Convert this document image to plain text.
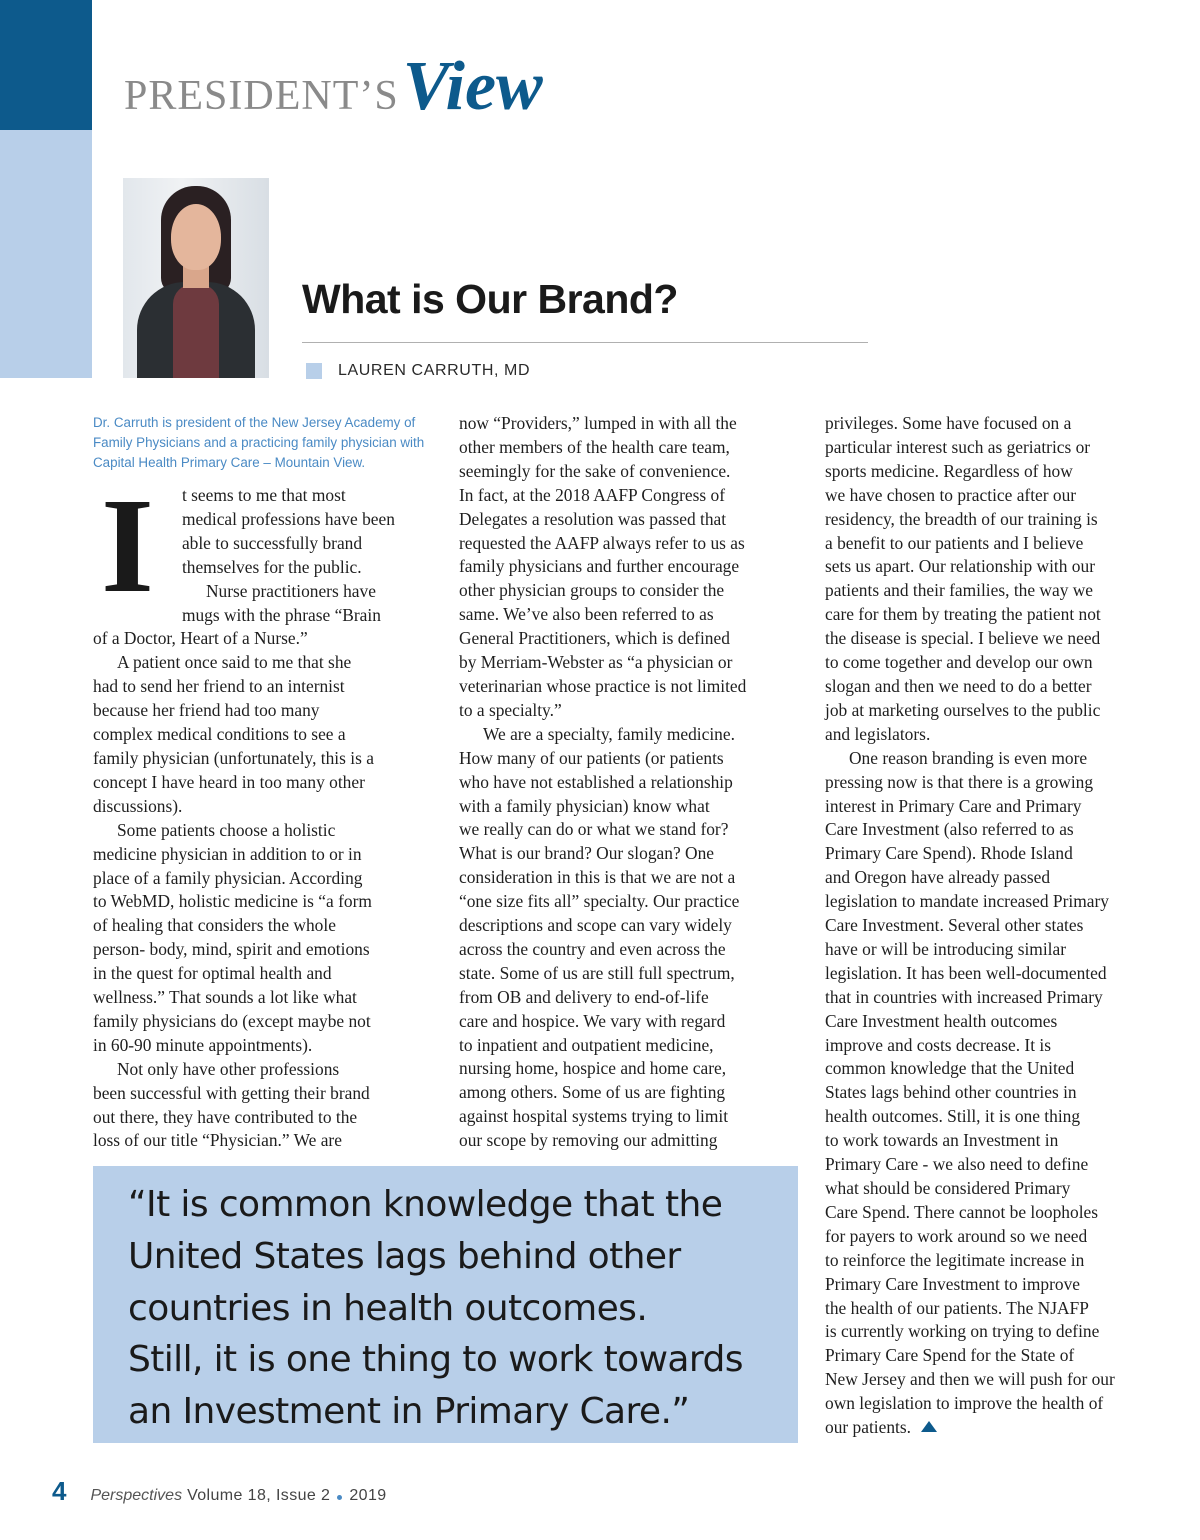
PRESIDENT’SView
What is Our Brand?
LAUREN CARRUTH, MD

Dr. Carruth is president of the New Jersey Academy of Family Physicians and a practicing family physician with Capital Health Primary Care – Mountain View.

I	t seems to me that most
medical professions have been
able to successfully brand
themselves for the public.
Nurse practitioners have
mugs with the phrase “Brain
of a Doctor, Heart of a Nurse.”
A patient once said to me that she
had to send her friend to an internist
because her friend had too many
complex medical conditions to see a
family physician (unfortunately, this is a
concept I have heard in too many other
discussions).
Some patients choose a holistic
medicine physician in addition to or in
place of a family physician. According
to WebMD, holistic medicine is “a form
of healing that considers the whole
person- body, mind, spirit and emotions
in the quest for optimal health and
wellness.” That sounds a lot like what
family physicians do (except maybe not
in 60-90 minute appointments).
Not only have other professions
been successful with getting their brand
out there, they have contributed to the
loss of our title “Physician.” We are
now “Providers,” lumped in with all the
other members of the health care team,
seemingly for the sake of convenience.
In fact, at the 2018 AAFP Congress of
Delegates a resolution was passed that
requested the AAFP always refer to us as
family physicians and further encourage
other physician groups to consider the
same. We’ve also been referred to as
General Practitioners, which is defined
by Merriam-Webster as “a physician or
veterinarian whose practice is not limited
to a specialty.”
We are a specialty, family medicine.
How many of our patients (or patients
who have not established a relationship
with a family physician) know what
we really can do or what we stand for?
What is our brand? Our slogan? One
consideration in this is that we are not a
“one size fits all” specialty. Our practice
descriptions and scope can vary widely
across the country and even across the
state. Some of us are still full spectrum,
from OB and delivery to end-of-life
care and hospice. We vary with regard
to inpatient and outpatient medicine,
nursing home, hospice and home care,
among others. Some of us are fighting
against hospital systems trying to limit
our scope by removing our admitting
privileges. Some have focused on a
particular interest such as geriatrics or
sports medicine. Regardless of how
we have chosen to practice after our
residency, the breadth of our training is
a benefit to our patients and I believe
sets us apart. Our relationship with our
patients and their families, the way we
care for them by treating the patient not
the disease is special. I believe we need
to come together and develop our own
slogan and then we need to do a better
job at marketing ourselves to the public
and legislators.
One reason branding is even more
pressing now is that there is a growing
interest in Primary Care and Primary
Care Investment (also referred to as
Primary Care Spend). Rhode Island
and Oregon have already passed
legislation to mandate increased Primary
Care Investment. Several other states
have or will be introducing similar
legislation. It has been well-documented
that in countries with increased Primary
Care Investment health outcomes
improve and costs decrease. It is
common knowledge that the United
States lags behind other countries in
health outcomes. Still, it is one thing
to work towards an Investment in
Primary Care - we also need to define
what should be considered Primary
Care Spend. There cannot be loopholes
for payers to work around so we need
to reinforce the legitimate increase in
Primary Care Investment to improve
the health of our patients. The NJAFP
is currently working on trying to define
Primary Care Spend for the State of
New Jersey and then we will push for our
own legislation to improve the health of
our patients.
“It is common knowledge that the
United States lags behind other
countries in health outcomes.
Still, it is one thing to work towards
an Investment in Primary Care.”
4 Perspectives Volume 18, Issue 2 2019
